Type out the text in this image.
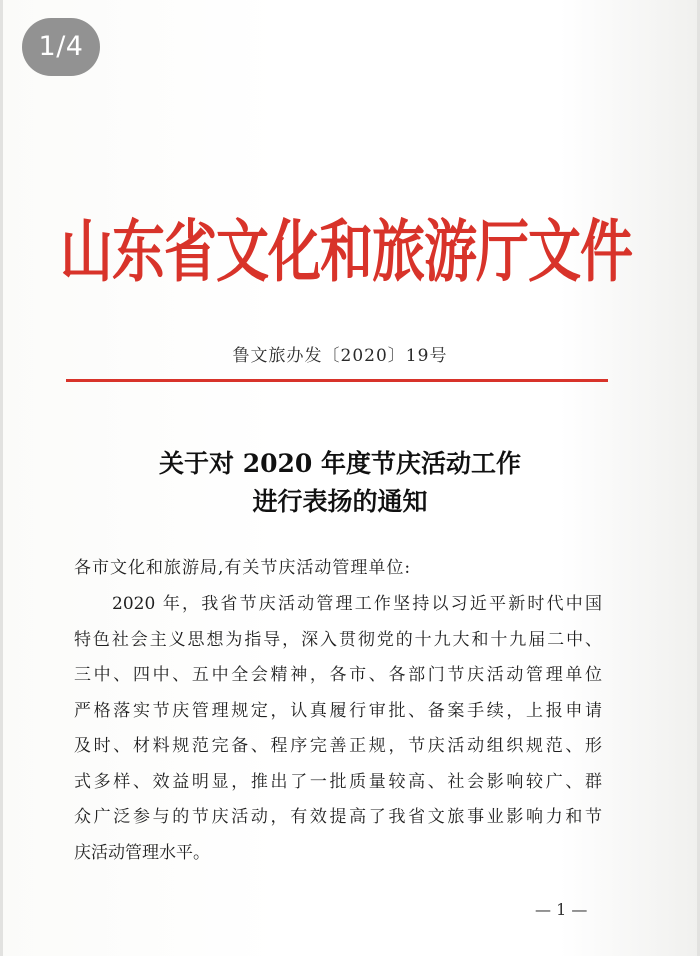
1/4
山东省文化和旅游厅文件
鲁文旅办发〔2020〕19号
关于对 2020 年度节庆活动工作
进行表扬的通知
各市文化和旅游局,有关节庆活动管理单位:
2020 年，我省节庆活动管理工作坚持以习近平新时代中国
特色社会主义思想为指导，深入贯彻党的十九大和十九届二中、
三中、四中、五中全会精神，各市、各部门节庆活动管理单位
严格落实节庆管理规定，认真履行审批、备案手续，上报申请
及时、材料规范完备、程序完善正规，节庆活动组织规范、形
式多样、效益明显，推出了一批质量较高、社会影响较广、群
众广泛参与的节庆活动，有效提高了我省文旅事业影响力和节
庆活动管理水平。
— 1 —
